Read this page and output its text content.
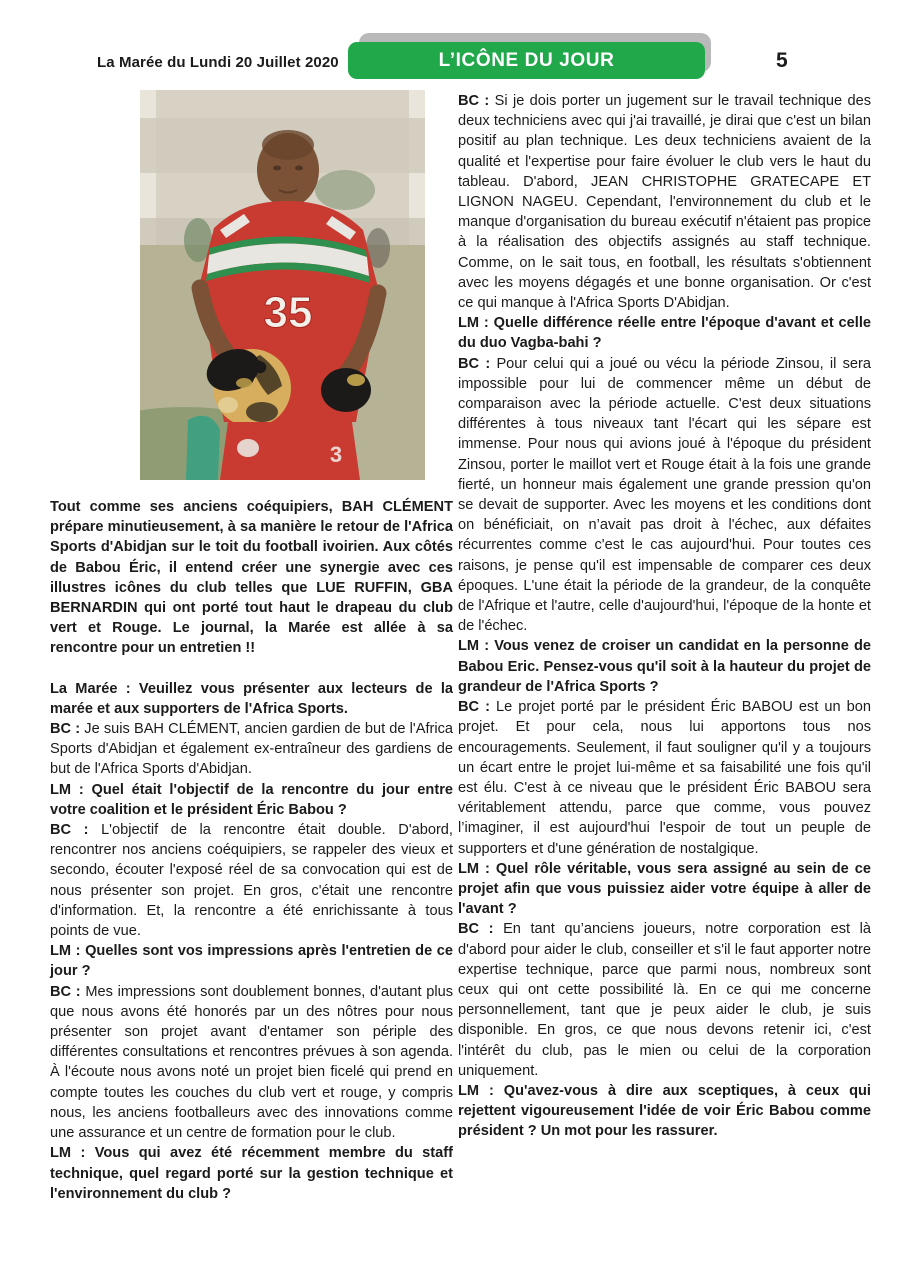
La Marée du Lundi 20 Juillet 2020	L’ICÔNE DU JOUR	5
35
3

Tout comme ses anciens coéquipiers, BAH CLÉMENT prépare minutieusement, à sa manière le retour de l'Africa Sports d'Abidjan sur le toit du football ivoirien. Aux côtés de Babou Éric, il entend créer une synergie avec ces illustres icônes du club telles que LUE RUFFIN, GBA BERNARDIN qui ont porté tout haut le drapeau du club vert et Rouge. Le journal, la Marée est allée à sa rencontre pour un entretien !!

La Marée : Veuillez vous présenter aux lecteurs de la marée et aux supporters de l'Africa Sports.

BC : Je suis BAH CLÉMENT, ancien gardien de but de l'Africa Sports d'Abidjan et également ex-entraîneur des gardiens de but de l'Africa Sports d'Abidjan.

LM : Quel était l'objectif de la rencontre du jour entre votre coalition et le président Éric Babou ?

BC : L'objectif de la rencontre était double. D'abord, rencontrer nos anciens coéquipiers, se rappeler des vieux et secondo, écouter l'exposé réel de sa convocation qui est de nous présenter son projet. En gros, c'était une rencontre d'information. Et, la rencontre a été enrichissante à tous points de vue.

LM : Quelles sont vos impressions après l'entretien de ce jour ?

BC : Mes impressions sont doublement bonnes, d'autant plus que nous avons été honorés par un des nôtres pour nous présenter son projet avant d'entamer son périple des différentes consultations et rencontres prévues à son agenda. À l'écoute nous avons noté un projet bien ficelé qui prend en compte toutes les couches du club vert et rouge, y compris nous, les anciens footballeurs avec des innovations comme une assurance et un centre de formation pour le club.

LM : Vous qui avez été récemment membre du staff technique, quel regard porté sur la gestion technique et l'environnement du club ?

BC : Si je dois porter un jugement sur le travail technique des deux techniciens avec qui j'ai travaillé, je dirai que c'est un bilan positif au plan technique. Les deux techniciens avaient de la qualité et l'expertise pour faire évoluer le club vers le haut du tableau. D'abord, JEAN CHRISTOPHE GRATECAPE ET LIGNON NAGEU. Cependant, l'environnement du club et le manque d'organisation du bureau exécutif n'étaient pas propice à la réalisation des objectifs assignés au staff technique. Comme, on le sait tous, en football, les résultats s'obtiennent avec les moyens dégagés et une bonne organisation. Or c'est ce qui manque à l'Africa Sports D'Abidjan.

LM : Quelle différence réelle entre l'époque d'avant et celle du duo Vagba-bahi ?

BC : Pour celui qui a joué ou vécu la période Zinsou, il sera impossible pour lui de commencer même un début de comparaison avec la période actuelle. C'est deux situations différentes à tous niveaux tant l'écart qui les sépare est immense. Pour nous qui avions joué à l'époque du président Zinsou, porter le maillot vert et Rouge était à la fois une grande fierté, un honneur mais également une grande pression qu'on se devait de supporter. Avec les moyens et les conditions dont on bénéficiait, on n’avait pas droit à l'échec, aux défaites récurrentes comme c'est le cas aujourd'hui. Pour toutes ces raisons, je pense qu'il est impensable de comparer ces deux époques. L'une était la période de la grandeur, de la conquête de l'Afrique et l'autre, celle d'aujourd'hui, l'époque de la honte et de l'échec.

LM : Vous venez de croiser un candidat en la personne de Babou Eric. Pensez-vous qu'il soit à la hauteur du projet de grandeur de l'Africa Sports ?

BC : Le projet porté par le président Éric BABOU est un bon projet. Et pour cela, nous lui apportons tous nos encouragements. Seulement, il faut souligner qu'il y a toujours un écart entre le projet lui-même et sa faisabilité une fois qu'il est élu. C'est à ce niveau que le président Éric BABOU sera véritablement attendu, parce que comme, vous pouvez l’imaginer, il est aujourd'hui l'espoir de tout un peuple de supporters et d'une génération de nostalgique.

LM : Quel rôle véritable, vous sera assigné au sein de ce projet afin que vous puissiez aider votre équipe à aller de l'avant ?

BC : En tant qu’anciens joueurs, notre corporation est là d'abord pour aider le club, conseiller et s'il le faut apporter notre expertise technique, parce que parmi nous, nombreux sont ceux qui ont cette possibilité là. En ce qui me concerne personnellement, tant que je peux aider le club, je suis disponible. En gros, ce que nous devons retenir ici, c'est l'intérêt du club, pas le mien ou celui de la corporation uniquement.

LM : Qu'avez-vous à dire aux sceptiques, à ceux qui rejettent vigoureusement l'idée de voir Éric Babou comme président ? Un mot pour les rassurer.
